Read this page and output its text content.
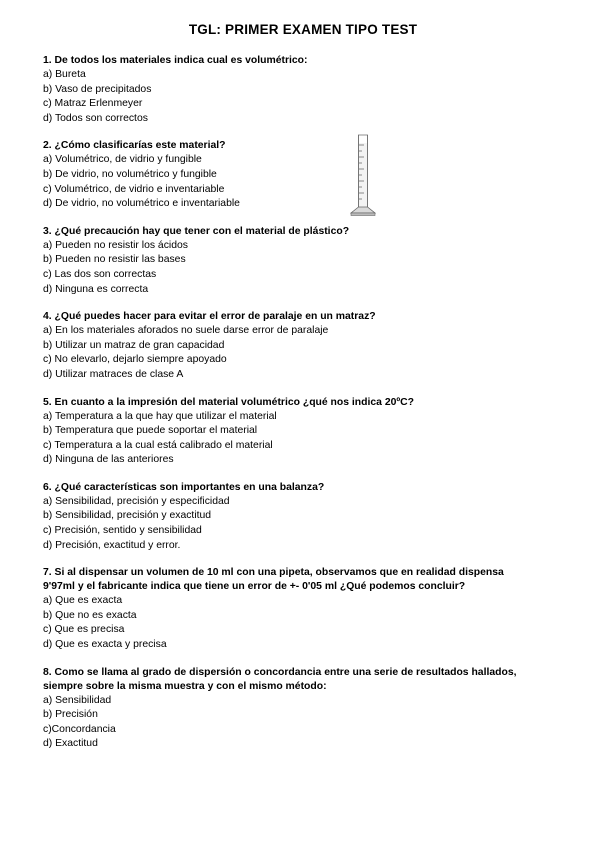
TGL: PRIMER EXAMEN TIPO TEST
1. De todos los materiales indica cual es volumétrico:
a) Bureta
b) Vaso de precipitados
c) Matraz Erlenmeyer
d) Todos son correctos
2. ¿Cómo clasificarías este material?
a) Volumétrico, de vidrio y fungible
b) De vidrio, no volumétrico y fungible
c) Volumétrico, de vidrio e inventariable
d) De vidrio, no volumétrico e inventariable
3. ¿Qué precaución hay que tener con el material de plástico?
a) Pueden no resistir los ácidos
b) Pueden no resistir las bases
c) Las dos son correctas
d) Ninguna es correcta
4. ¿Qué puedes hacer para evitar el error de paralaje en un matraz?
a) En los materiales aforados no suele darse error de paralaje
b) Utilizar un matraz de gran capacidad
c) No elevarlo, dejarlo siempre apoyado
d) Utilizar matraces de clase A
5. En cuanto a la impresión del material volumétrico ¿qué nos indica 20ºC?
a) Temperatura a la que hay que utilizar el material
b) Temperatura que puede soportar el material
c) Temperatura a la cual está calibrado el material
d) Ninguna de las anteriores
6. ¿Qué características son importantes en una balanza?
a) Sensibilidad, precisión y especificidad
b) Sensibilidad, precisión y exactitud
c) Precisión, sentido y sensibilidad
d) Precisión, exactitud y error.
7. Si al dispensar un volumen de 10 ml con una pipeta, observamos que en realidad dispensa
9'97ml y el fabricante indica que tiene un error de +- 0'05 ml ¿Qué podemos concluir?
a) Que es exacta
b) Que no es exacta
c) Que es precisa
d) Que es exacta y precisa
8. Como se llama al grado de dispersión o concordancia entre una serie de resultados hallados,
siempre sobre la misma muestra y con el mismo método:
a) Sensibilidad
b) Precisión
c)Concordancia
d) Exactitud
